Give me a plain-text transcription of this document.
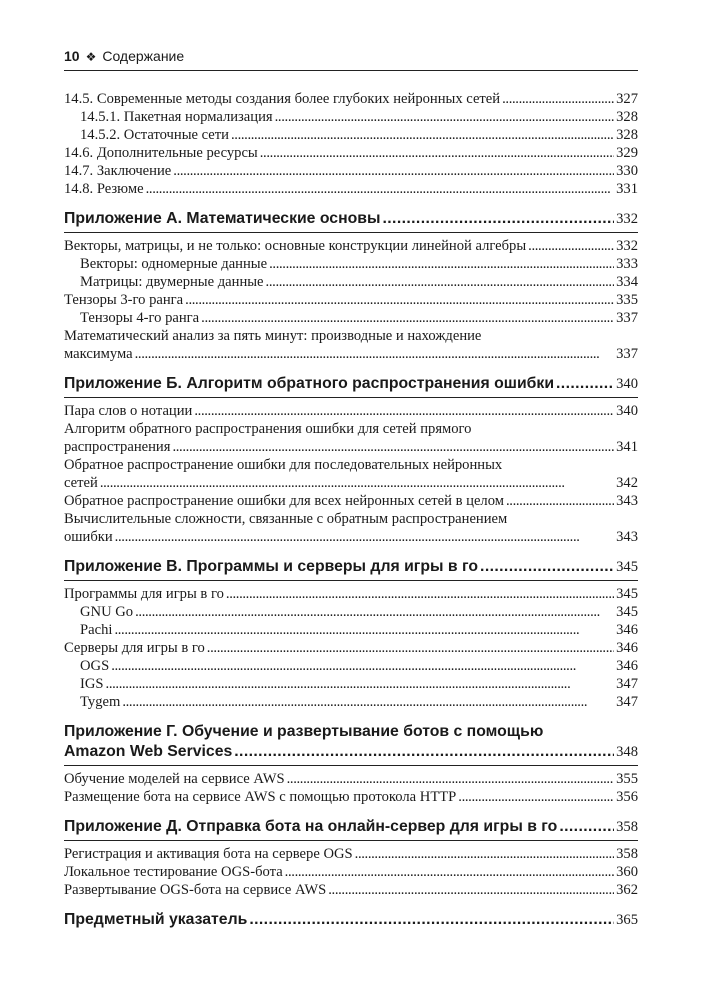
10 ❖ Содержание
14.5. Современные методы создания более глубоких нейронных сетей . . .	327
14.5.1. Пакетная нормализация . . .	328
14.5.2. Остаточные сети . . .	328
14.6. Дополнительные ресурсы . . .	329
14.7. Заключение . . .	330
14.8. Резюме . . .	331
Приложение А. Математические основы . . .	332
Векторы, матрицы, и не только: основные конструкции линейной алгебры . . .	332
Векторы: одномерные данные . . .	333
Матрицы: двумерные данные . . .	334
Тензоры 3-го ранга . . .	335
Тензоры 4-го ранга . . .	337
Математический анализ за пять минут: производные и нахождение
максимума . . .	337
Приложение Б. Алгоритм обратного распространения ошибки . . .	340
Пара слов о нотации . . .	340
Алгоритм обратного распространения ошибки для сетей прямого
распространения . . .	341
Обратное распространение ошибки для последовательных нейронных
сетей . . .	342
Обратное распространение ошибки для всех нейронных сетей в целом . . .	343
Вычислительные сложности, связанные с обратным распространением
ошибки . . .	343
Приложение В. Программы и серверы для игры в го . . .	345
Программы для игры в го . . .	345
GNU Go . . .	345
Pachi . . .	346
Серверы для игры в го . . .	346
OGS . . .	346
IGS . . .	347
Tygem . . .	347
Приложение Г. Обучение и развертывание ботов с помощью
Amazon Web Services . . .	348
Обучение моделей на сервисе AWS . . .	355
Размещение бота на сервисе AWS с помощью протокола HTTP . . .	356
Приложение Д. Отправка бота на онлайн-сервер для игры в го . . .	358
Регистрация и активация бота на сервере OGS . . .	358
Локальное тестирование OGS-бота . . .	360
Развертывание OGS-бота на сервисе AWS . . .	362
Предметный указатель . . .	365
